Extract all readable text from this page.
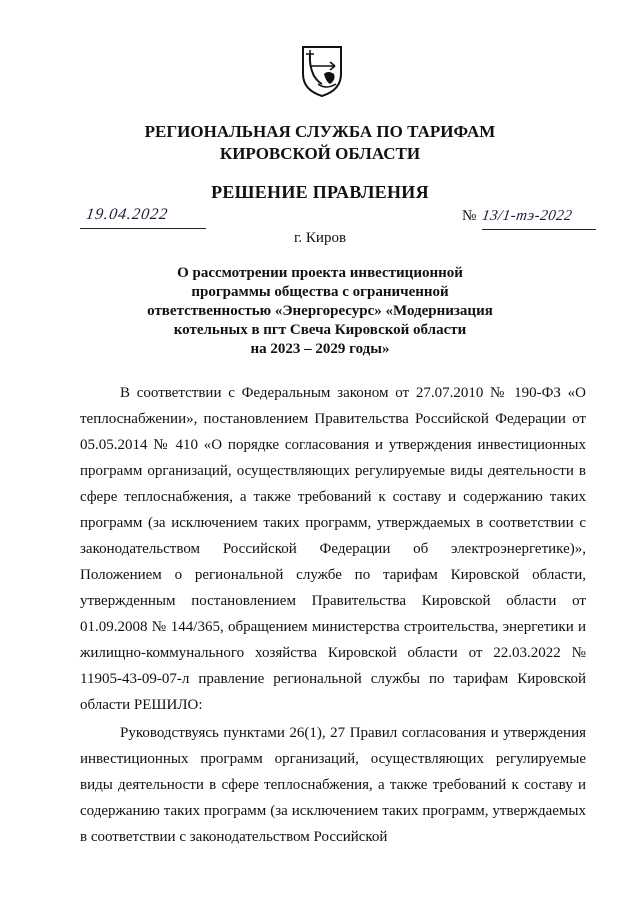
РЕГИОНАЛЬНАЯ СЛУЖБА ПО ТАРИФАМ
КИРОВСКОЙ ОБЛАСТИ
РЕШЕНИЕ ПРАВЛЕНИЯ
19.04.2022	№ 13/1-тэ-2022
г. Киров
О рассмотрении проекта инвестиционной
программы общества с ограниченной
ответственностью «Энергоресурс» «Модернизация
котельных в пгт Свеча Кировской области
на 2023 – 2029 годы»

В соответствии с Федеральным законом от 27.07.2010 № 190-ФЗ «О теплоснабжении», постановлением Правительства Российской Федерации от 05.05.2014 № 410 «О порядке согласования и утверждения инвестиционных программ организаций, осуществляющих регулируемые виды деятельности в сфере теплоснабжения, а также требований к составу и содержанию таких программ (за исключением таких программ, утверждаемых в соответствии с законодательством Российской Федерации об электроэнергетике)», Положением о региональной службе по тарифам Кировской области, утвержденным постановлением Правительства Кировской области от 01.09.2008 № 144/365, обращением министерства строительства, энергетики и жилищно-коммунального хозяйства Кировской области от 22.03.2022 № 11905-43-09-07-л правление региональной службы по тарифам Кировской области РЕШИЛО:

Руководствуясь пунктами 26(1), 27 Правил согласования и утверждения инвестиционных программ организаций, осуществляющих регулируемые виды деятельности в сфере теплоснабжения, а также требований к составу и содержанию таких программ (за исключением таких программ, утверждаемых в соответствии с законодательством Российской
